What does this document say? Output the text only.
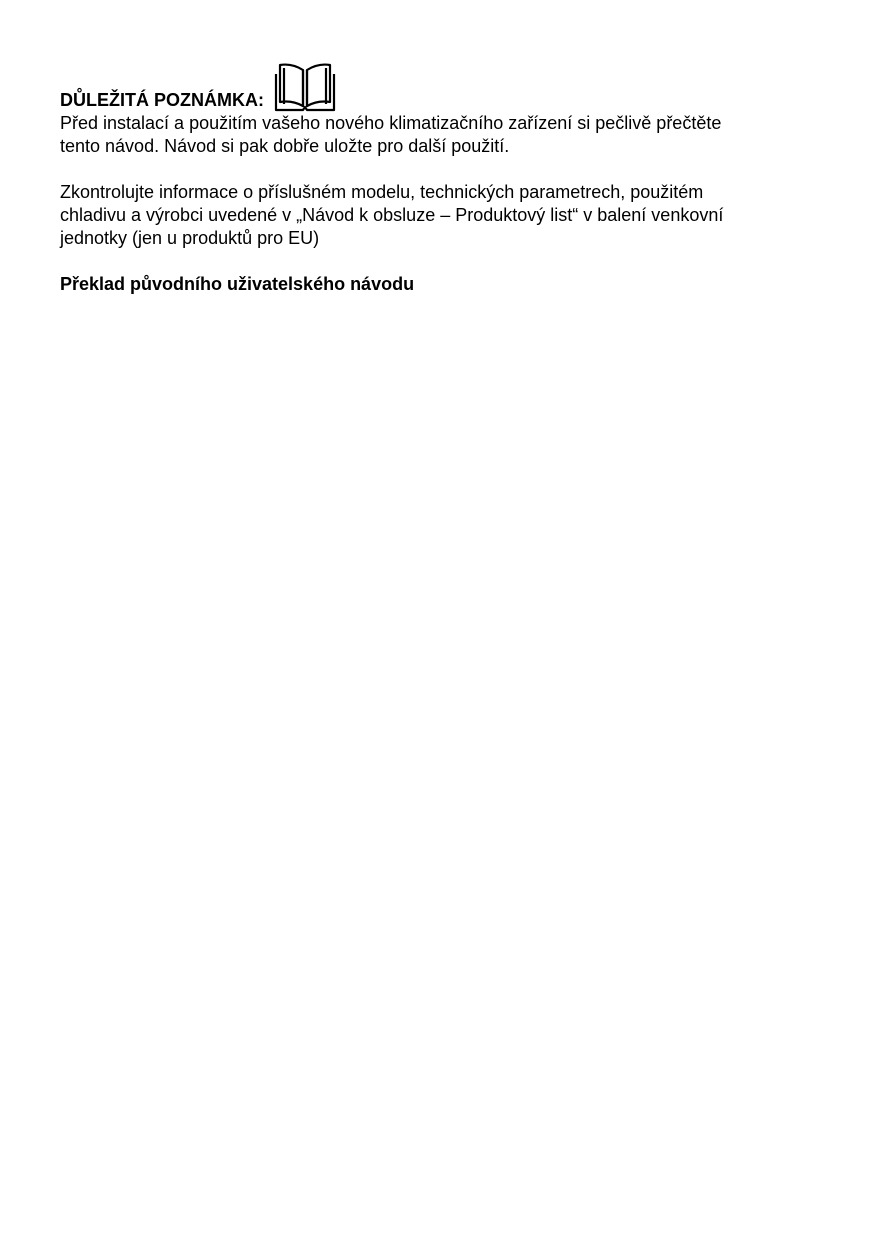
DŮLEŽITÁ POZNÁMKA:

Před instalací a použitím vašeho nového klimatizačního zařízení si pečlivě přečtěte
tento návod. Návod si pak dobře uložte pro další použití.

Zkontrolujte informace o příslušném modelu, technických parametrech, použitém
chladivu a výrobci uvedené v „Návod k obsluze – Produktový list“ v balení venkovní
jednotky (jen u produktů pro EU)

Překlad původního uživatelského návodu
